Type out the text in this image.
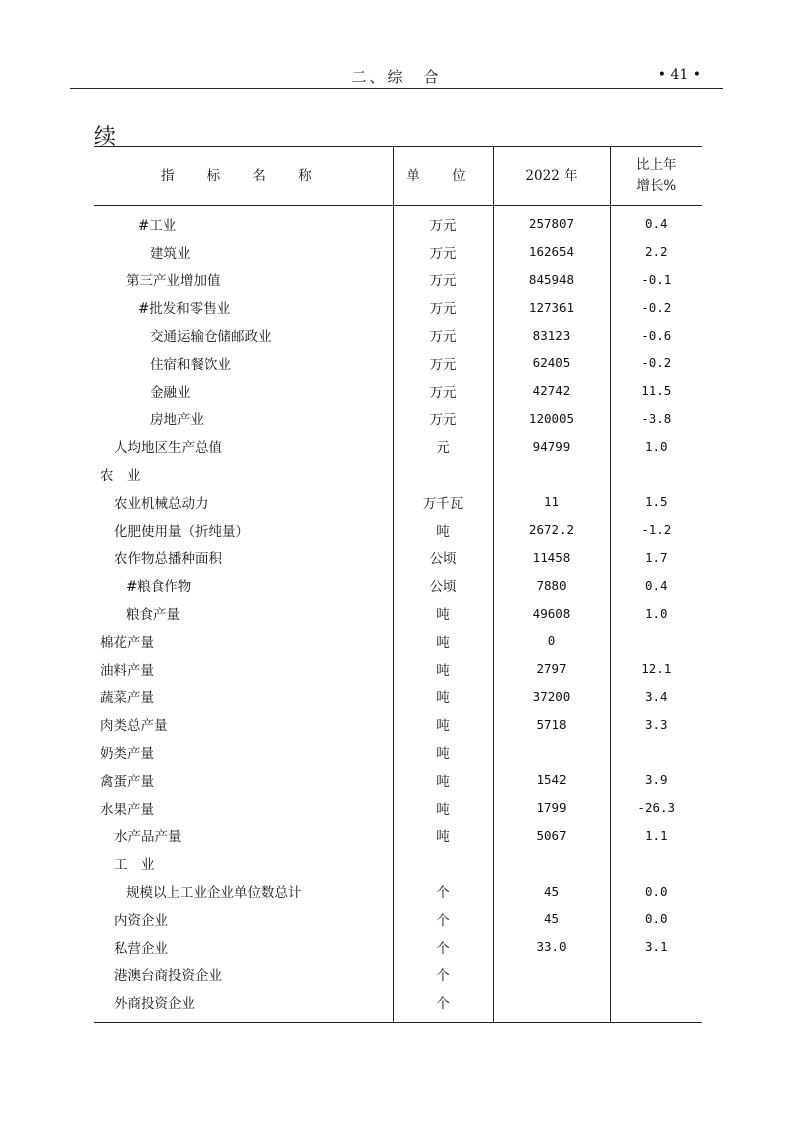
二、综　合	• 41 •
续
指 标 名 称	单 位	2022 年	比上年
增长%

#工业	万元	257807	0.4
建筑业	万元	162654	2.2
第三产业增加值	万元	845948	-0.1
#批发和零售业	万元	127361	-0.2
交通运输仓储邮政业	万元	83123	-0.6
住宿和餐饮业	万元	62405	-0.2
金融业	万元	42742	11.5
房地产业	万元	120005	-3.8
人均地区生产总值	元	94799	1.0
农　业			
农业机械总动力	万千瓦	11	1.5
化肥使用量（折纯量）	吨	2672.2	-1.2
农作物总播种面积	公顷	11458	1.7
#粮食作物	公顷	7880	0.4
粮食产量	吨	49608	1.0
棉花产量	吨	0	
油料产量	吨	2797	12.1
蔬菜产量	吨	37200	3.4
肉类总产量	吨	5718	3.3
奶类产量	吨		
禽蛋产量	吨	1542	3.9
水果产量	吨	1799	-26.3
水产品产量	吨	5067	1.1
工　业			
规模以上工业企业单位数总计	个	45	0.0
内资企业	个	45	0.0
私营企业	个	33.0	3.1
港澳台商投资企业	个		
外商投资企业	个		
